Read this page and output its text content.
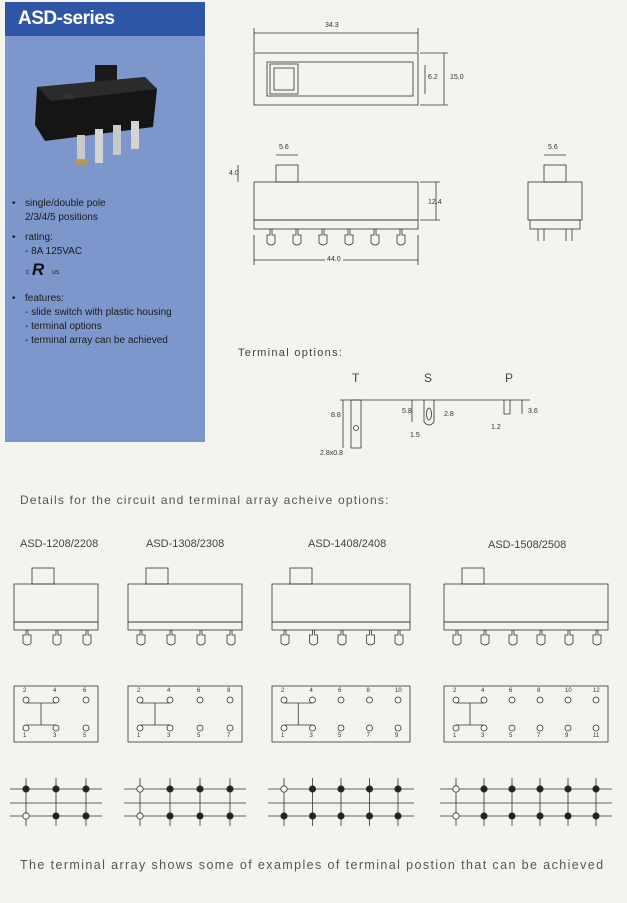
ASD-series
• single/double pole
2/3/4/5 positions
• rating:
- 8A 125VAC
c R us
• features:
- slide switch with plastic housing
- terminal options
- terminal array can be achieved
34.3
6.2 15.0
5.6
4.0
12.4
44.0
5.6
Terminal options:
T	S	P
8.8
2.8x0.8
5.8	2.8
1.5
3.6
1.2
Details for the circuit and terminal array acheive options:
ASD-1208/2208	ASD-1308/2308	ASD-1408/2408	ASD-1508/2508
2
1
4
3
6
5
2
1
4
3
6
5
8
7
2
1
4
3
6
5
8
7
10
9
2
1
4
3
6
5
8
7
10
9
12
11
The terminal array shows some of examples of terminal postion that can be achieved
